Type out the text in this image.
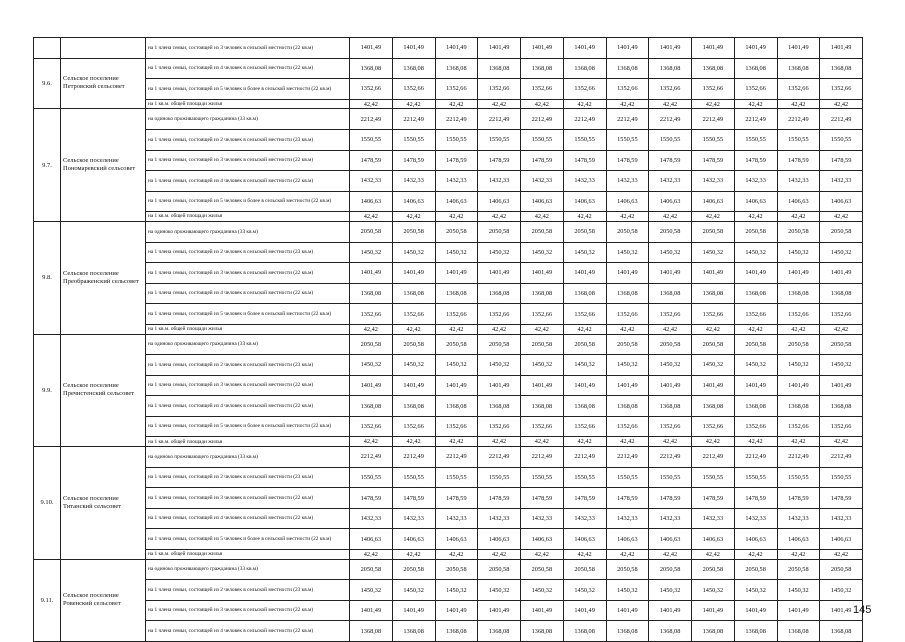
		на 1 члена семьи, состоящей из 3 человек в сельской местности (22 кв.м)	1401,49	1401,49	1401,49	1401,49	1401,49	1401,49	1401,49	1401,49	1401,49	1401,49	1401,49	1401,49
9.6.	Сельское поселение Петровский сельсовет	на 1 члена семьи, состоящей из 4 человек в сельской местности (22 кв.м)	1368,08	1368,08	1368,08	1368,08	1368,08	1368,08	1368,08	1368,08	1368,08	1368,08	1368,08	1368,08
		на 1 члена семьи, состоящей из 5 человек и более в сельской местности (22 кв.м)	1352,66	1352,66	1352,66	1352,66	1352,66	1352,66	1352,66	1352,66	1352,66	1352,66	1352,66	1352,66
		на 1 кв.м. общей площади жилья	42,42	42,42	42,42	42,42	42,42	42,42	42,42	42,42	42,42	42,42	42,42	42,42
9.7.	Сельское поселение Пономаревский сельсовет	на одиноко проживающего гражданина (33 кв.м)	2212,49	2212,49	2212,49	2212,49	2212,49	2212,49	2212,49	2212,49	2212,49	2212,49	2212,49	2212,49
		на 1 члена семьи, состоящей из 2 человек в сельской местности (23 кв.м)	1550,55	1550,55	1550,55	1550,55	1550,55	1550,55	1550,55	1550,55	1550,55	1550,55	1550,55	1550,55
		на 1 члена семьи, состоящей из 3 человек в сельской местности (22 кв.м)	1478,59	1478,59	1478,59	1478,59	1478,59	1478,59	1478,59	1478,59	1478,59	1478,59	1478,59	1478,59
		на 1 члена семьи, состоящей из 4 человек в сельской местности (22 кв.м)	1432,33	1432,33	1432,33	1432,33	1432,33	1432,33	1432,33	1432,33	1432,33	1432,33	1432,33	1432,33
		на 1 члена семьи, состоящей из 5 человек и более в сельской местности (22 кв.м)	1406,63	1406,63	1406,63	1406,63	1406,63	1406,63	1406,63	1406,63	1406,63	1406,63	1406,63	1406,63
		на 1 кв.м. общей площади жилья	42,42	42,42	42,42	42,42	42,42	42,42	42,42	42,42	42,42	42,42	42,42	42,42
9.8.	Сельское поселение Преображенский сельсовет	на одиноко проживающего гражданина (33 кв.м)	2050,58	2050,58	2050,58	2050,58	2050,58	2050,58	2050,58	2050,58	2050,58	2050,58	2050,58	2050,58
		на 1 члена семьи, состоящей из 2 человек в сельской местности (23 кв.м)	1450,32	1450,32	1450,32	1450,32	1450,32	1450,32	1450,32	1450,32	1450,32	1450,32	1450,32	1450,32
		на 1 члена семьи, состоящей из 3 человек в сельской местности (22 кв.м)	1401,49	1401,49	1401,49	1401,49	1401,49	1401,49	1401,49	1401,49	1401,49	1401,49	1401,49	1401,49
		на 1 члена семьи, состоящей из 4 человек в сельской местности (22 кв.м)	1368,08	1368,08	1368,08	1368,08	1368,08	1368,08	1368,08	1368,08	1368,08	1368,08	1368,08	1368,08
		на 1 члена семьи, состоящей из 5 человек и более в сельской местности (22 кв.м)	1352,66	1352,66	1352,66	1352,66	1352,66	1352,66	1352,66	1352,66	1352,66	1352,66	1352,66	1352,66
		на 1 кв.м. общей площади жилья	42,42	42,42	42,42	42,42	42,42	42,42	42,42	42,42	42,42	42,42	42,42	42,42
9.9.	Сельское поселение Пречистенский сельсовет	на одиноко проживающего гражданина (33 кв.м)	2050,58	2050,58	2050,58	2050,58	2050,58	2050,58	2050,58	2050,58	2050,58	2050,58	2050,58	2050,58
		на 1 члена семьи, состоящей из 2 человек в сельской местности (23 кв.м)	1450,32	1450,32	1450,32	1450,32	1450,32	1450,32	1450,32	1450,32	1450,32	1450,32	1450,32	1450,32
		на 1 члена семьи, состоящей из 3 человек в сельской местности (22 кв.м)	1401,49	1401,49	1401,49	1401,49	1401,49	1401,49	1401,49	1401,49	1401,49	1401,49	1401,49	1401,49
		на 1 члена семьи, состоящей из 4 человек в сельской местности (22 кв.м)	1368,08	1368,08	1368,08	1368,08	1368,08	1368,08	1368,08	1368,08	1368,08	1368,08	1368,08	1368,08
		на 1 члена семьи, состоящей из 5 человек и более в сельской местности (22 кв.м)	1352,66	1352,66	1352,66	1352,66	1352,66	1352,66	1352,66	1352,66	1352,66	1352,66	1352,66	1352,66
		на 1 кв.м. общей площади жилья	42,42	42,42	42,42	42,42	42,42	42,42	42,42	42,42	42,42	42,42	42,42	42,42
9.10.	Сельское поселение Титанский сельсовет	на одиноко проживающего гражданина (33 кв.м)	2212,49	2212,49	2212,49	2212,49	2212,49	2212,49	2212,49	2212,49	2212,49	2212,49	2212,49	2212,49
		на 1 члена семьи, состоящей из 2 человек в сельской местности (23 кв.м)	1550,55	1550,55	1550,55	1550,55	1550,55	1550,55	1550,55	1550,55	1550,55	1550,55	1550,55	1550,55
		на 1 члена семьи, состоящей из 3 человек в сельской местности (22 кв.м)	1478,59	1478,59	1478,59	1478,59	1478,59	1478,59	1478,59	1478,59	1478,59	1478,59	1478,59	1478,59
		на 1 члена семьи, состоящей из 4 человек в сельской местности (22 кв.м)	1432,33	1432,33	1432,33	1432,33	1432,33	1432,33	1432,33	1432,33	1432,33	1432,33	1432,33	1432,33
		на 1 члена семьи, состоящей из 5 человек и более в сельской местности (22 кв.м)	1406,63	1406,63	1406,63	1406,63	1406,63	1406,63	1406,63	1406,63	1406,63	1406,63	1406,63	1406,63
		на 1 кв.м. общей площади жилья	42,42	42,42	42,42	42,42	42,42	42,42	42,42	42,42	42,42	42,42	42,42	42,42
9.11.	Сельское поселение Ровенский сельсовет	на одиноко проживающего гражданина (33 кв.м)	2050,58	2050,58	2050,58	2050,58	2050,58	2050,58	2050,58	2050,58	2050,58	2050,58	2050,58	2050,58
		на 1 члена семьи, состоящей из 2 человек в сельской местности (23 кв.м)	1450,32	1450,32	1450,32	1450,32	1450,32	1450,32	1450,32	1450,32	1450,32	1450,32	1450,32	1450,32
		на 1 члена семьи, состоящей из 3 человек в сельской местности (22 кв.м)	1401,49	1401,49	1401,49	1401,49	1401,49	1401,49	1401,49	1401,49	1401,49	1401,49	1401,49	1401,49
		на 1 члена семьи, состоящей из 4 человек в сельской местности (22 кв.м)	1368,08	1368,08	1368,08	1368,08	1368,08	1368,08	1368,08	1368,08	1368,08	1368,08	1368,08	1368,08
145
